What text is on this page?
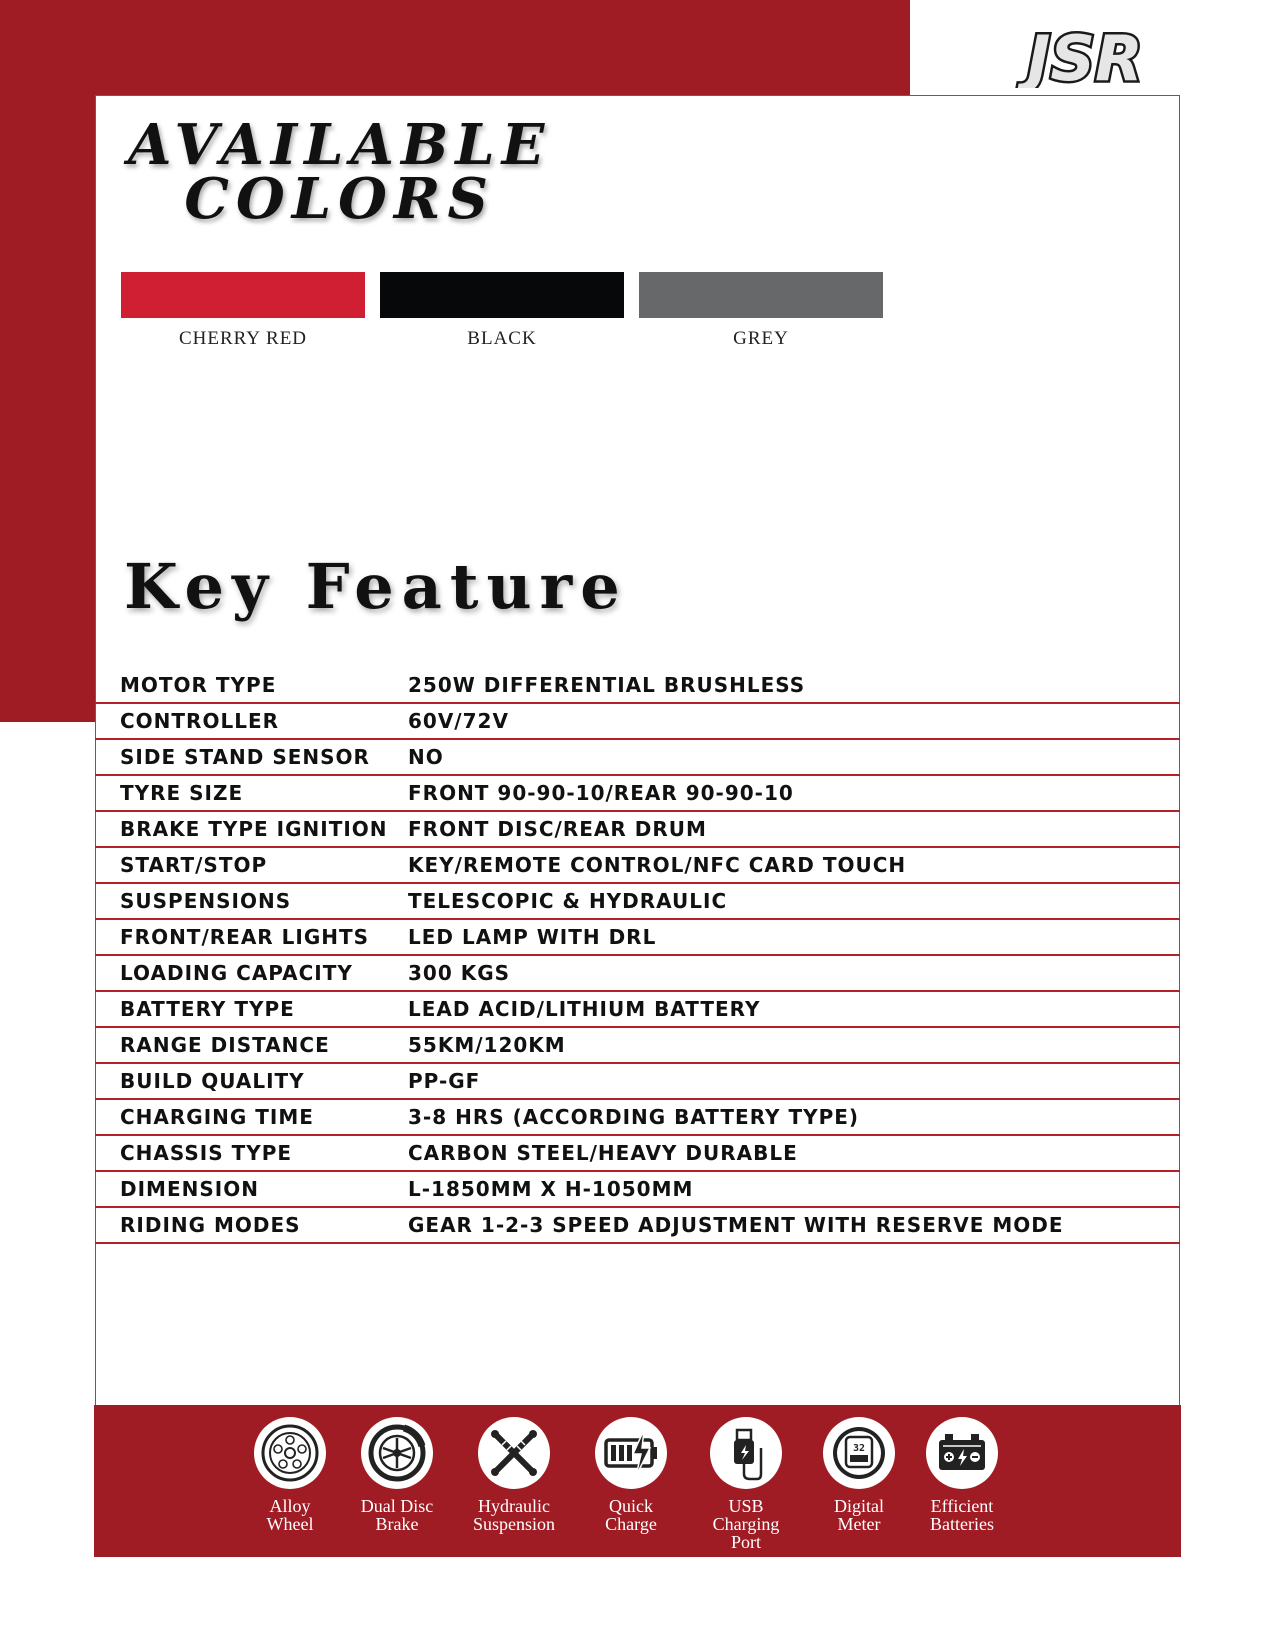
JSR
AVAILABLE
COLORS
CHERRY RED	BLACK	GREY
Key Feature
MOTOR TYPE	250W DIFFERENTIAL BRUSHLESS
CONTROLLER	60V/72V
SIDE STAND SENSOR	NO
TYRE SIZE	FRONT 90-90-10/REAR 90-90-10
BRAKE TYPE IGNITION	FRONT DISC/REAR DRUM
START/STOP	KEY/REMOTE CONTROL/NFC CARD TOUCH
SUSPENSIONS	TELESCOPIC & HYDRAULIC
FRONT/REAR LIGHTS	LED LAMP WITH DRL
LOADING CAPACITY	300 KGS
BATTERY TYPE	LEAD ACID/LITHIUM BATTERY
RANGE DISTANCE	55KM/120KM
BUILD QUALITY	PP-GF
CHARGING TIME	3-8 HRS (ACCORDING BATTERY TYPE)
CHASSIS TYPE	CARBON STEEL/HEAVY DURABLE
DIMENSION	L-1850MM X H-1050MM
RIDING MODES	GEAR 1-2-3 SPEED ADJUSTMENT WITH RESERVE MODE
Alloy
Wheel
Dual Disc
Brake
Hydraulic
Suspension
Quick
Charge
USB
Charging
Port
32
Digital
Meter
Efficient
Batteries
